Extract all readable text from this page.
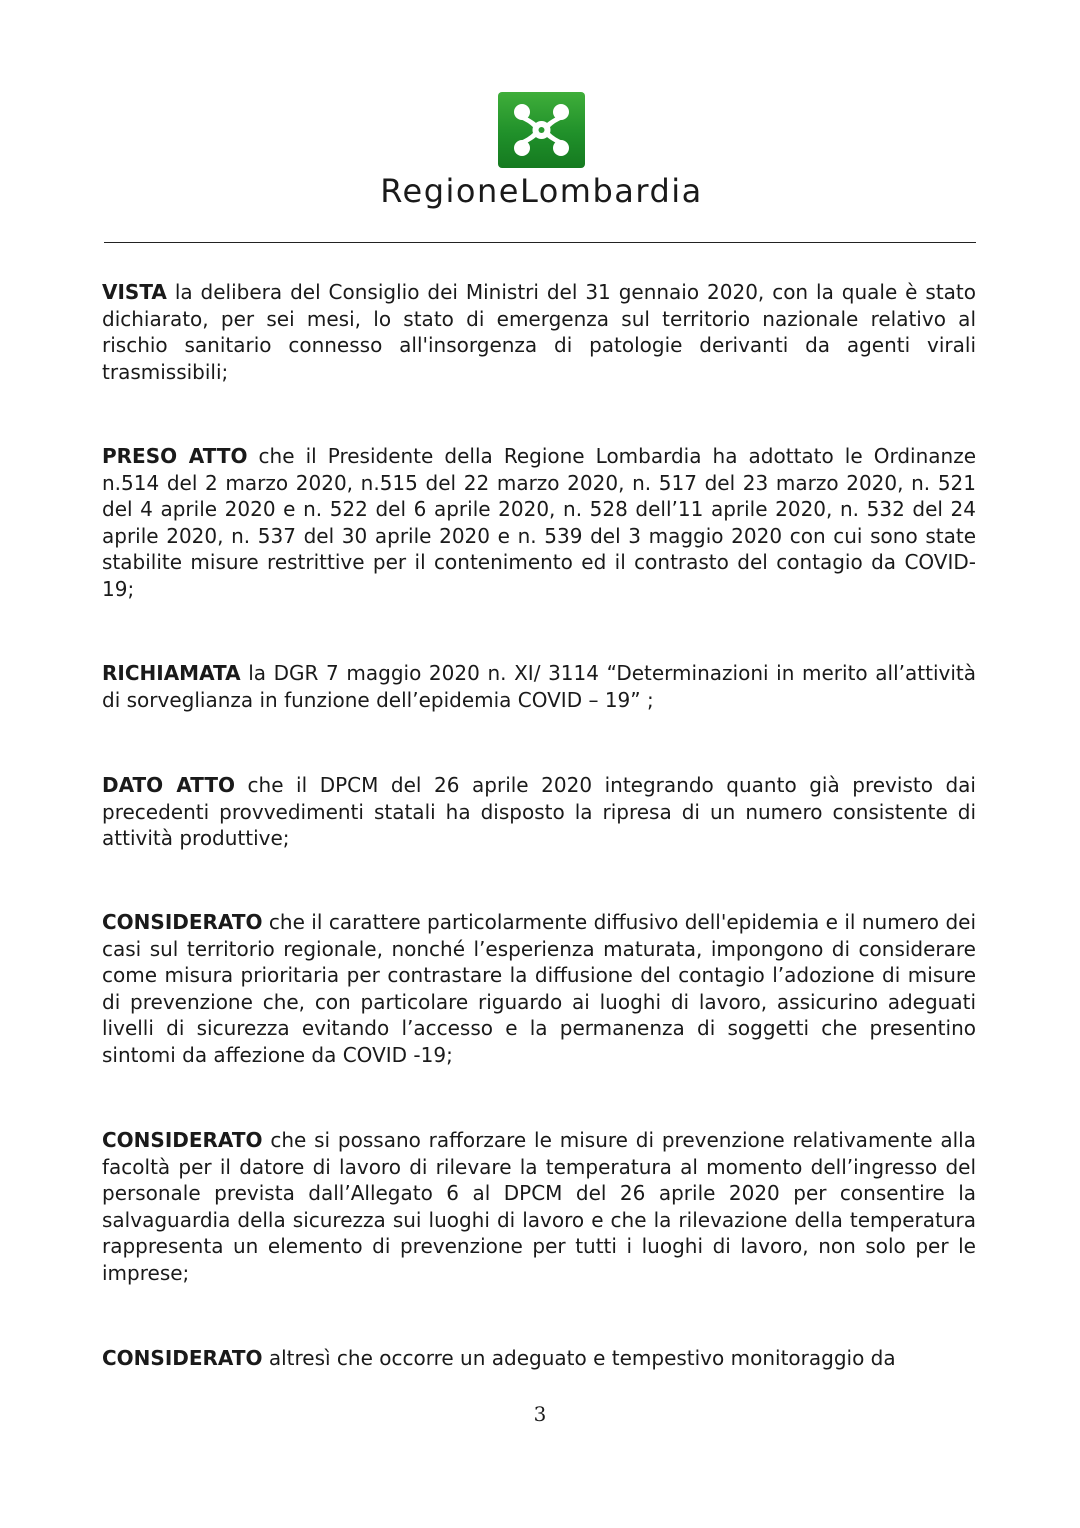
RegioneLombardia

VISTA la delibera del Consiglio dei Ministri del 31 gennaio 2020, con la quale è stato dichiarato, per sei mesi, lo stato di emergenza sul territorio nazionale relativo al rischio sanitario connesso all'insorgenza di patologie derivanti da agenti virali trasmissibili;

PRESO ATTO che il Presidente della Regione Lombardia ha adottato le Ordinanze n.514 del 2 marzo 2020, n.515 del 22 marzo 2020, n. 517 del 23 marzo 2020, n. 521 del 4 aprile 2020 e n. 522 del 6 aprile 2020, n. 528 dell’11 aprile 2020, n. 532 del 24 aprile 2020, n. 537 del 30 aprile 2020 e n. 539 del 3 maggio 2020 con cui sono state stabilite misure restrittive per il contenimento ed il contrasto del contagio da COVID-19;

RICHIAMATA la DGR 7 maggio 2020 n. XI/ 3114 “Determinazioni in merito all’attività di sorveglianza in funzione dell’epidemia COVID – 19” ;

DATO ATTO che il DPCM del 26 aprile 2020 integrando quanto già previsto dai precedenti provvedimenti statali ha disposto la ripresa di un numero consistente di attività produttive;

CONSIDERATO che il carattere particolarmente diffusivo dell'epidemia e il numero dei casi sul territorio regionale, nonché l’esperienza maturata, impongono di considerare come misura prioritaria per contrastare la diffusione del contagio l’adozione di misure di prevenzione che, con particolare riguardo ai luoghi di lavoro, assicurino adeguati livelli di sicurezza evitando l’accesso e la permanenza di soggetti che presentino sintomi da affezione da COVID -19;

CONSIDERATO che si possano rafforzare le misure di prevenzione relativamente alla facoltà per il datore di lavoro di rilevare la temperatura al momento dell’ingresso del personale prevista dall’Allegato 6 al DPCM del 26 aprile 2020 per consentire la salvaguardia della sicurezza sui luoghi di lavoro e che la rilevazione della temperatura rappresenta un elemento di prevenzione per tutti i luoghi di lavoro, non solo per le imprese;

CONSIDERATO altresì che occorre un adeguato e tempestivo monitoraggio da

3
